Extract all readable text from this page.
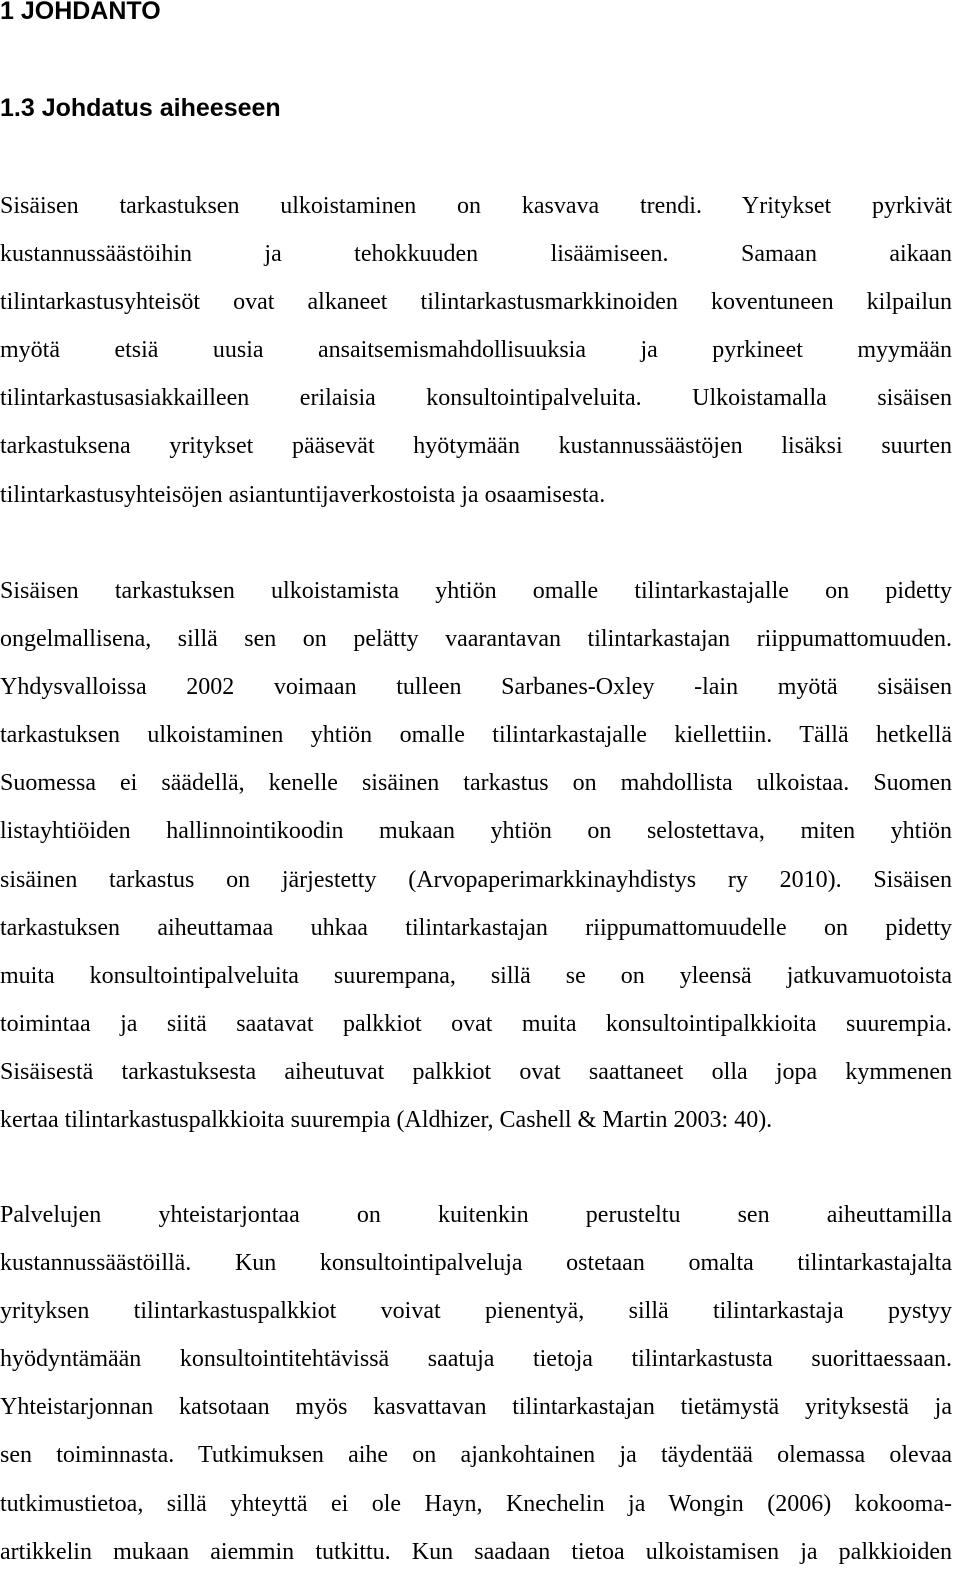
1 JOHDANTO
1.3 Johdatus aiheeseen

Sisäisen tarkastuksen ulkoistaminen on kasvava trendi. Yritykset pyrkivät
kustannussäästöihin ja tehokkuuden lisäämiseen. Samaan aikaan
tilintarkastusyhteisöt ovat alkaneet tilintarkastusmarkkinoiden koventuneen kilpailun
myötä etsiä uusia ansaitsemismahdollisuuksia ja pyrkineet myymään
tilintarkastusasiakkailleen erilaisia konsultointipalveluita. Ulkoistamalla sisäisen
tarkastuksena yritykset pääsevät hyötymään kustannussäästöjen lisäksi suurten
tilintarkastusyhteisöjen asiantuntijaverkostoista ja osaamisesta.

Sisäisen tarkastuksen ulkoistamista yhtiön omalle tilintarkastajalle on pidetty
ongelmallisena, sillä sen on pelätty vaarantavan tilintarkastajan riippumattomuuden.
Yhdysvalloissa 2002 voimaan tulleen Sarbanes-Oxley -lain myötä sisäisen
tarkastuksen ulkoistaminen yhtiön omalle tilintarkastajalle kiellettiin. Tällä hetkellä
Suomessa ei säädellä, kenelle sisäinen tarkastus on mahdollista ulkoistaa. Suomen
listayhtiöiden hallinnointikoodin mukaan yhtiön on selostettava, miten yhtiön
sisäinen tarkastus on järjestetty (Arvopaperimarkkinayhdistys ry 2010). Sisäisen
tarkastuksen aiheuttamaa uhkaa tilintarkastajan riippumattomuudelle on pidetty
muita konsultointipalveluita suurempana, sillä se on yleensä jatkuvamuotoista
toimintaa ja siitä saatavat palkkiot ovat muita konsultointipalkkioita suurempia.
Sisäisestä tarkastuksesta aiheutuvat palkkiot ovat saattaneet olla jopa kymmenen
kertaa tilintarkastuspalkkioita suurempia (Aldhizer, Cashell & Martin 2003: 40).

Palvelujen yhteistarjontaa on kuitenkin perusteltu sen aiheuttamilla
kustannussäästöillä. Kun konsultointipalveluja ostetaan omalta tilintarkastajalta
yrityksen tilintarkastuspalkkiot voivat pienentyä, sillä tilintarkastaja pystyy
hyödyntämään konsultointitehtävissä saatuja tietoja tilintarkastusta suorittaessaan.
Yhteistarjonnan katsotaan myös kasvattavan tilintarkastajan tietämystä yrityksestä ja
sen toiminnasta. Tutkimuksen aihe on ajankohtainen ja täydentää olemassa olevaa
tutkimustietoa, sillä yhteyttä ei ole Hayn, Knechelin ja Wongin (2006) kokooma-
artikkelin mukaan aiemmin tutkittu. Kun saadaan tietoa ulkoistamisen ja palkkioiden
